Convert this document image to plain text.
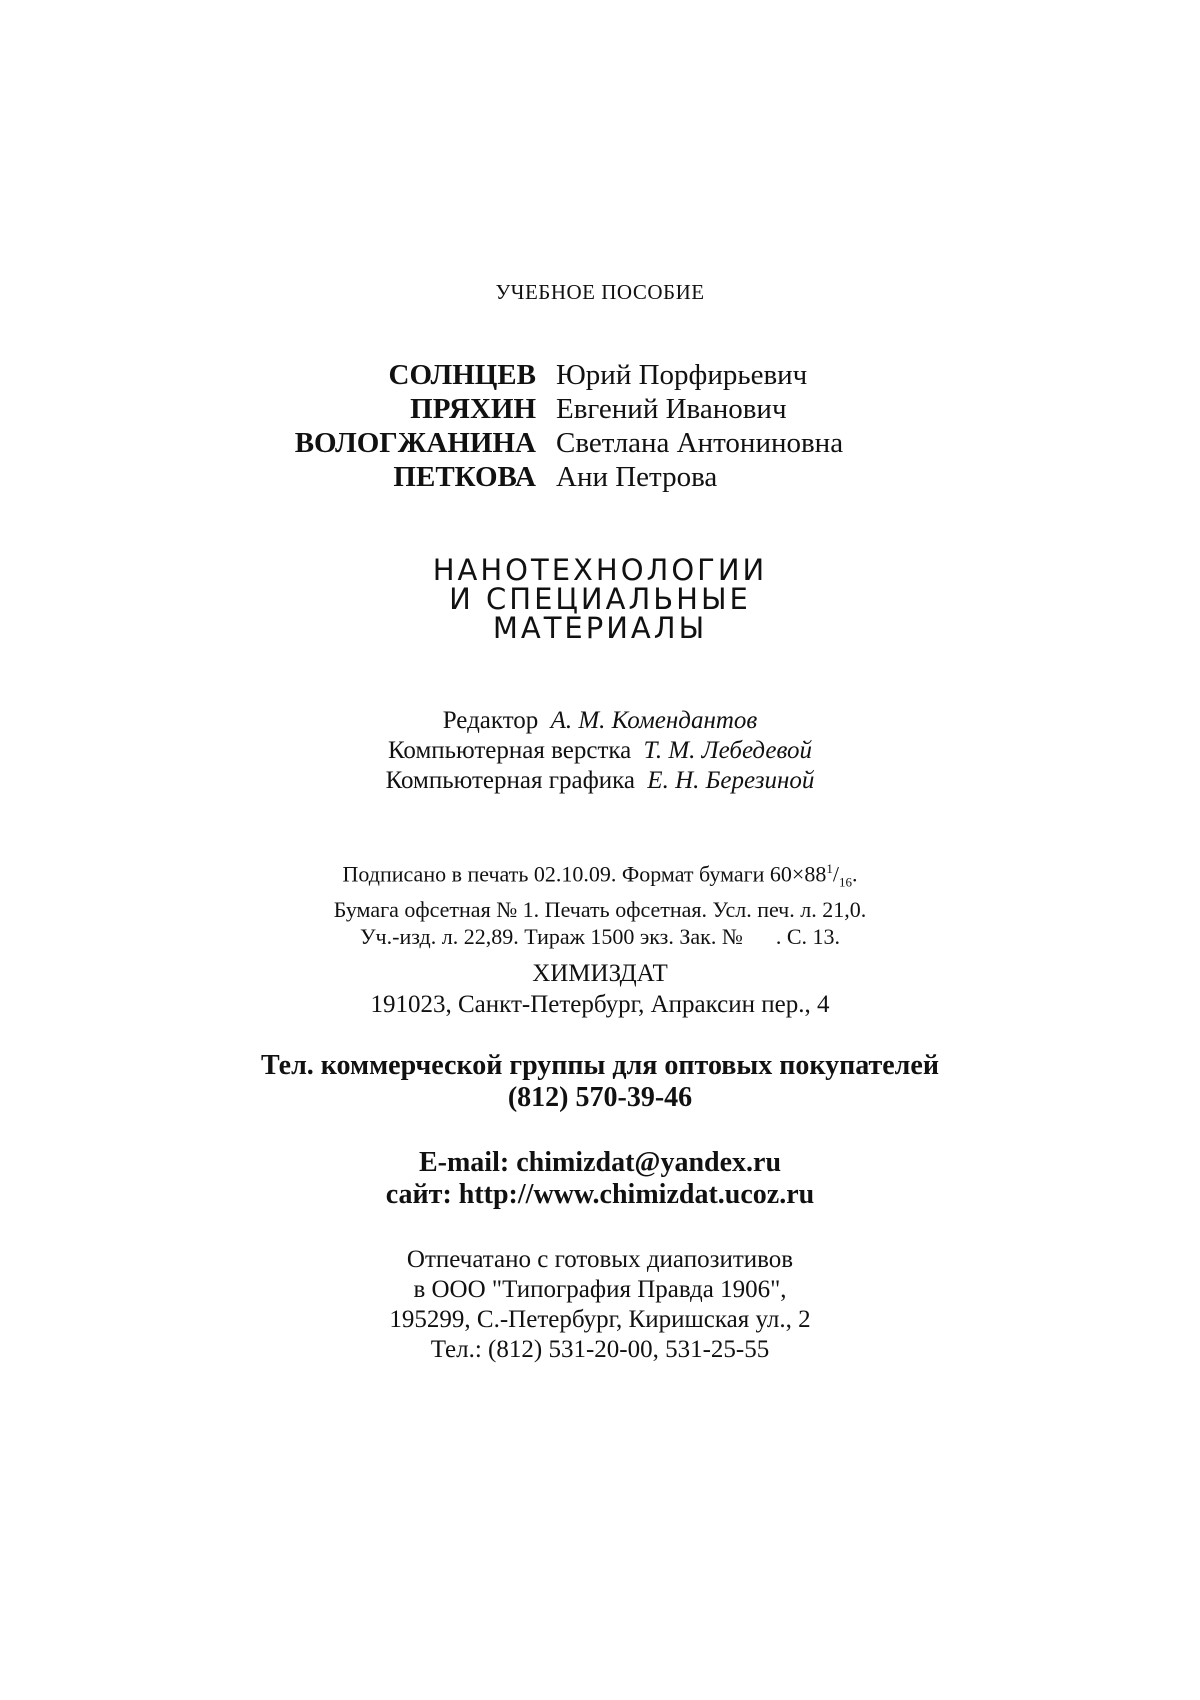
УЧЕБНОЕ ПОСОБИЕ
СОЛНЦЕВ Юрий Порфирьевич
ПРЯХИН Евгений Иванович
ВОЛОГЖАНИНА Светлана Антониновна
ПЕТКОВА Ани Петрова
НАНОТЕХНОЛОГИИ
И СПЕЦИАЛЬНЫЕ
МАТЕРИАЛЫ
Редактор А. М. Комендантов
Компьютерная верстка Т. М. Лебедевой
Компьютерная графика Е. Н. Березиной
Подписано в печать 02.10.09. Формат бумаги $60\times 88^1/_{16}$.
Бумага офсетная № 1. Печать офсетная. Усл. печ. л. 21,0.
Уч.-изд. л. 22,89. Тираж 1500 экз. Зак. №      . С. 13.
ХИМИЗДАТ
191023, Санкт-Петербург, Апраксин пер., 4
Тел. коммерческой группы для оптовых покупателей
(812) 570-39-46
E-mail: chimizdat@yandex.ru
сайт: http://www.chimizdat.ucoz.ru
Отпечатано с готовых диапозитивов
в ООО "Типография Правда 1906",
195299, С.-Петербург, Киришская ул., 2
Тел.: (812) 531-20-00, 531-25-55
